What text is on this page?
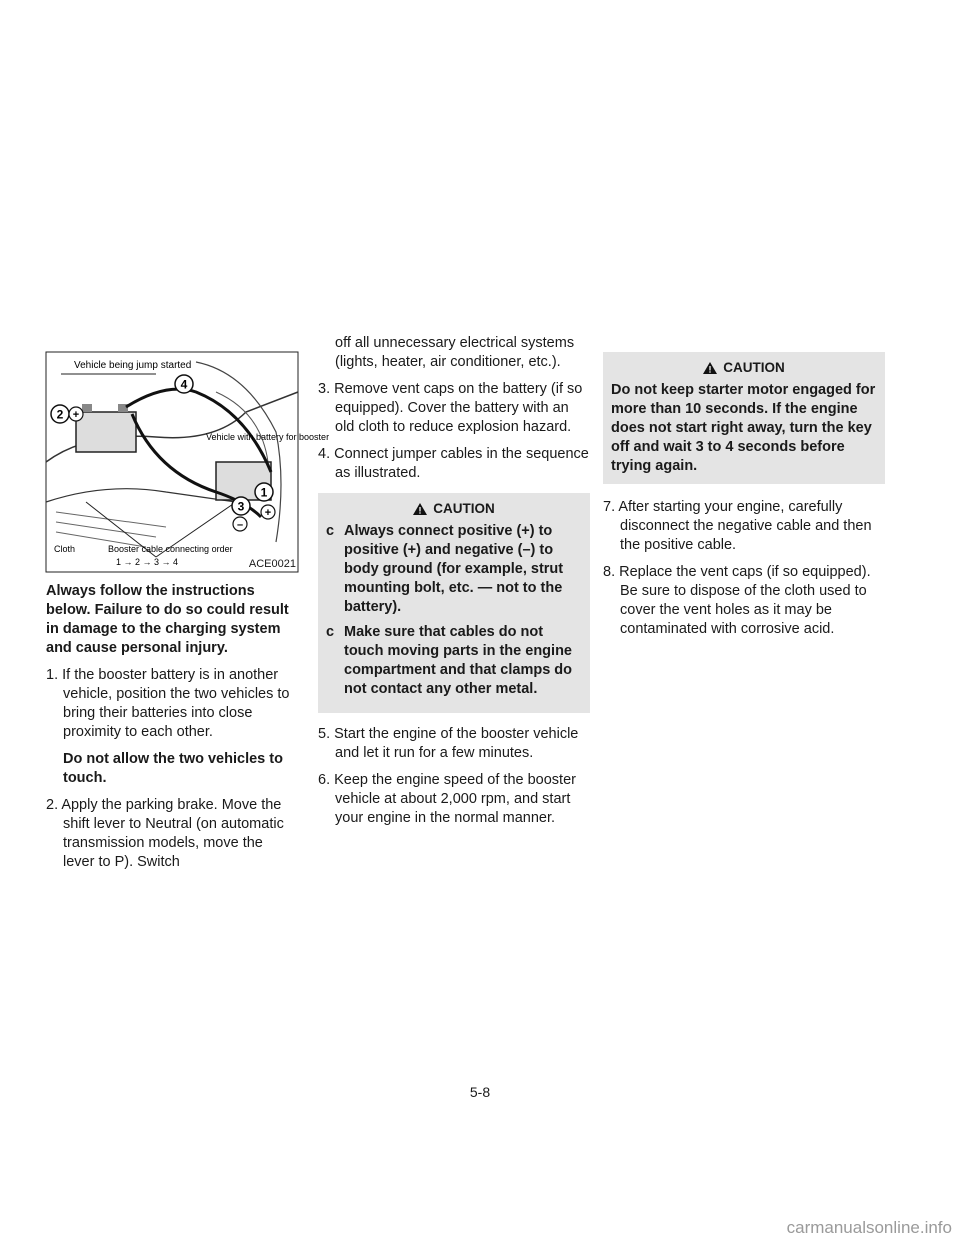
2
4
1
3
+
+
–
Vehicle being jump started
Vehicle with battery for booster
Cloth	Booster cable connecting order
1 → 2 → 3 → 4	ACE0021

Always follow the instructions below. Failure to do so could result in damage to the charging system and cause personal injury.

1. If the booster battery is in another vehicle, position the two vehicles to bring their batteries into close proximity to each other.

Do not allow the two vehicles to touch.

2. Apply the parking brake. Move the shift lever to Neutral (on automatic transmission models, move the lever to P). Switch

off all unnecessary electrical systems (lights, heater, air conditioner, etc.).

3. Remove vent caps on the battery (if so equipped). Cover the battery with an old cloth to reduce explosion hazard.

4. Connect jumper cables in the sequence as illustrated.

CAUTION
c Always connect positive (+) to positive (+) and negative (–) to body ground (for example, strut mounting bolt, etc. — not to the battery).
c Make sure that cables do not touch moving parts in the engine compartment and that clamps do not contact any other metal.

5. Start the engine of the booster vehicle and let it run for a few minutes.

6. Keep the engine speed of the booster vehicle at about 2,000 rpm, and start your engine in the normal manner.

CAUTION

Do not keep starter motor engaged for more than 10 seconds. If the engine does not start right away, turn the key off and wait 3 to 4 seconds before trying again.

7. After starting your engine, carefully disconnect the negative cable and then the positive cable.

8. Replace the vent caps (if so equipped). Be sure to dispose of the cloth used to cover the vent holes as it may be contaminated with corrosive acid.

5-8
carmanualsonline.info
